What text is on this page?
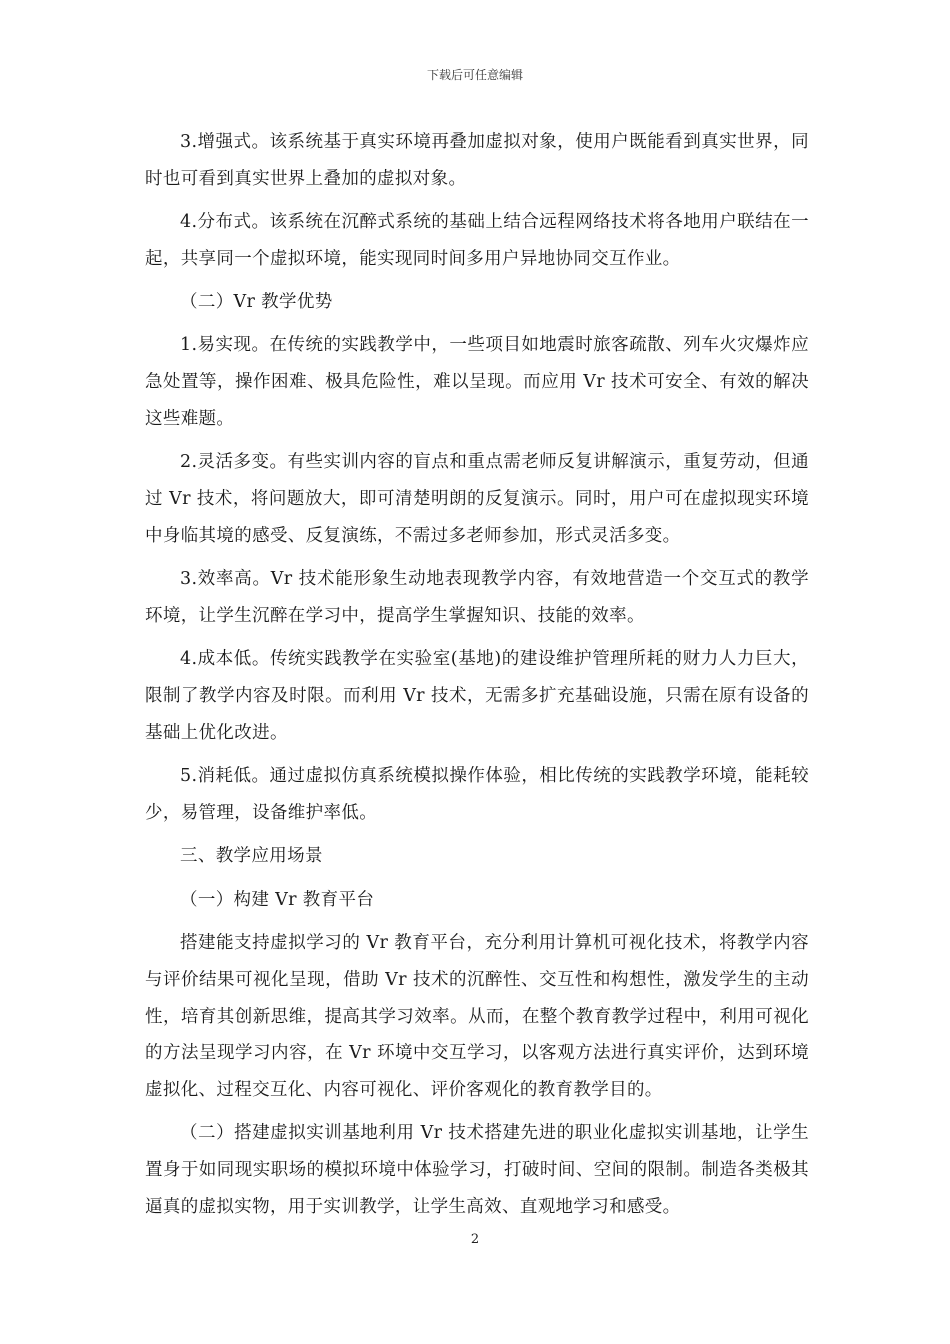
下载后可任意编辑

3.增强式。该系统基于真实环境再叠加虚拟对象，使用户既能看到真实世界，同时也可看到真实世界上叠加的虚拟对象。

4.分布式。该系统在沉醉式系统的基础上结合远程网络技术将各地用户联结在一起，共享同一个虚拟环境，能实现同时间多用户异地协同交互作业。

（二）Vr 教学优势

1.易实现。在传统的实践教学中，一些项目如地震时旅客疏散、列车火灾爆炸应急处置等，操作困难、极具危险性，难以呈现。而应用 Vr 技术可安全、有效的解决这些难题。

2.灵活多变。有些实训内容的盲点和重点需老师反复讲解演示，重复劳动，但通过 Vr 技术，将问题放大，即可清楚明朗的反复演示。同时，用户可在虚拟现实环境中身临其境的感受、反复演练，不需过多老师参加，形式灵活多变。

3.效率高。Vr 技术能形象生动地表现教学内容，有效地营造一个交互式的教学环境，让学生沉醉在学习中，提高学生掌握知识、技能的效率。

4.成本低。传统实践教学在实验室(基地)的建设维护管理所耗的财力人力巨大，限制了教学内容及时限。而利用 Vr 技术，无需多扩充基础设施，只需在原有设备的基础上优化改进。

5.消耗低。通过虚拟仿真系统模拟操作体验，相比传统的实践教学环境，能耗较少，易管理，设备维护率低。

三、教学应用场景

（一）构建 Vr 教育平台

搭建能支持虚拟学习的 Vr 教育平台，充分利用计算机可视化技术，将教学内容与评价结果可视化呈现，借助 Vr 技术的沉醉性、交互性和构想性，激发学生的主动性，培育其创新思维，提高其学习效率。从而，在整个教育教学过程中，利用可视化的方法呈现学习内容，在 Vr 环境中交互学习，以客观方法进行真实评价，达到环境虚拟化、过程交互化、内容可视化、评价客观化的教育教学目的。

（二）搭建虚拟实训基地利用 Vr 技术搭建先进的职业化虚拟实训基地，让学生置身于如同现实职场的模拟环境中体验学习，打破时间、空间的限制。制造各类极其逼真的虚拟实物，用于实训教学，让学生高效、直观地学习和感受。

2
